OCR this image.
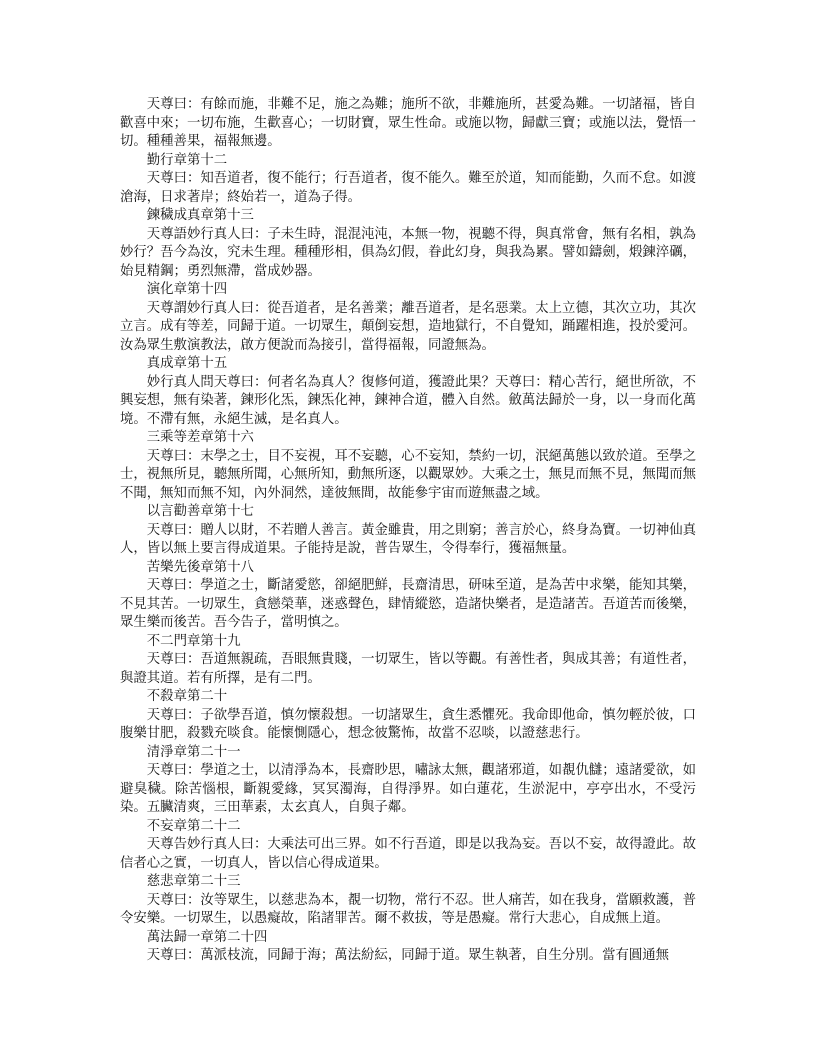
天尊曰：有餘而施，非難不足，施之為難；施所不欲，非難施所，甚愛為難。一切諸福，皆自歡喜中來；一切布施，生歡喜心；一切財寶，眾生性命。或施以物，歸獻三寶；或施以法，覺悟一切。種種善果，福報無邊。

勤行章第十二

天尊曰：知吾道者，復不能行；行吾道者，復不能久。難至於道，知而能勤，久而不怠。如渡滄海，日求著岸；終始若一，道為子得。

鍊穢成真章第十三

天尊語妙行真人曰：子未生時，混混沌沌，本無一物，視聽不得，與真常會，無有名相，孰為妙行？吾今為汝，究未生理。種種形相，俱為幻假，眷此幻身，與我為累。譬如鑄劍，煅鍊淬礪，始見精鋼；勇烈無滯，當成妙器。

演化章第十四

天尊謂妙行真人曰：從吾道者，是名善業；離吾道者，是名惡業。太上立德，其次立功，其次立言。成有等差，同歸于道。一切眾生，顛倒妄想，造地獄行，不自覺知，踊躍相進，投於愛河。汝為眾生敷演教法，啟方便說而為接引，當得福報，同證無為。

真成章第十五

妙行真人問天尊曰：何者名為真人？復修何道，獲證此果？天尊曰：精心苦行，絕世所欲，不興妄想，無有染著，鍊形化炁，鍊炁化神，鍊神合道，體入自然。斂萬法歸於一身，以一身而化萬境。不滯有無，永絕生滅，是名真人。

三乘等差章第十六

天尊曰：末學之士，目不妄視，耳不妄聽，心不妄知，禁約一切，泯絕萬態以致於道。至學之士，視無所見，聽無所聞，心無所知，動無所逐，以觀眾妙。大乘之士，無見而無不見，無聞而無不聞，無知而無不知，內外洞然，達彼無間，故能參宇宙而遊無盡之域。

以言勸善章第十七

天尊曰：贈人以財，不若贈人善言。黃金雖貴，用之則窮；善言於心，終身為寶。一切神仙真人，皆以無上要言得成道果。子能持是說，普告眾生，令得奉行，獲福無量。

苦樂先後章第十八

天尊曰：學道之士，斷諸愛慾，卻絕肥鮮，長齋清思，研味至道，是為苦中求樂，能知其樂，不見其苦。一切眾生，貪戀榮華，迷惑聲色，肆情縱慾，造諸快樂者，是造諸苦。吾道苦而後樂，眾生樂而後苦。吾今告子，當明慎之。

不二門章第十九

天尊曰：吾道無親疏，吾眼無貴賤，一切眾生，皆以等觀。有善性者，與成其善；有道性者，與證其道。若有所擇，是有二門。

不殺章第二十

天尊曰：子欲學吾道，慎勿懷殺想。一切諸眾生，貪生悉懼死。我命即他命，慎勿輕於彼，口腹樂甘肥，殺戮充啖食。能懷惻隱心，想念彼驚怖，故當不忍啖，以證慈悲行。

清淨章第二十一

天尊曰：學道之士，以清淨為本，長齋眇思，嘯詠太無，觀諸邪道，如覩仇讎；遠諸愛欲，如避臭穢。除苦惱根，斷親愛緣，冥冥濁海，自得淨界。如白蓮花，生淤泥中，亭亭出水，不受污染。五臟清爽，三田華素，太玄真人，自與子鄰。

不妄章第二十二

天尊告妙行真人曰：大乘法可出三界。如不行吾道，即是以我為妄。吾以不妄，故得證此。故信者心之實，一切真人，皆以信心得成道果。

慈悲章第二十三

天尊曰：汝等眾生，以慈悲為本，覩一切物，常行不忍。世人痛苦，如在我身，當願救護，普令安樂。一切眾生，以愚癡故，陷諸罪苦。爾不救拔，等是愚癡。常行大悲心，自成無上道。

萬法歸一章第二十四

天尊曰：萬派枝流，同歸于海；萬法紛紜，同歸于道。眾生執著，自生分別。當有圓通無
